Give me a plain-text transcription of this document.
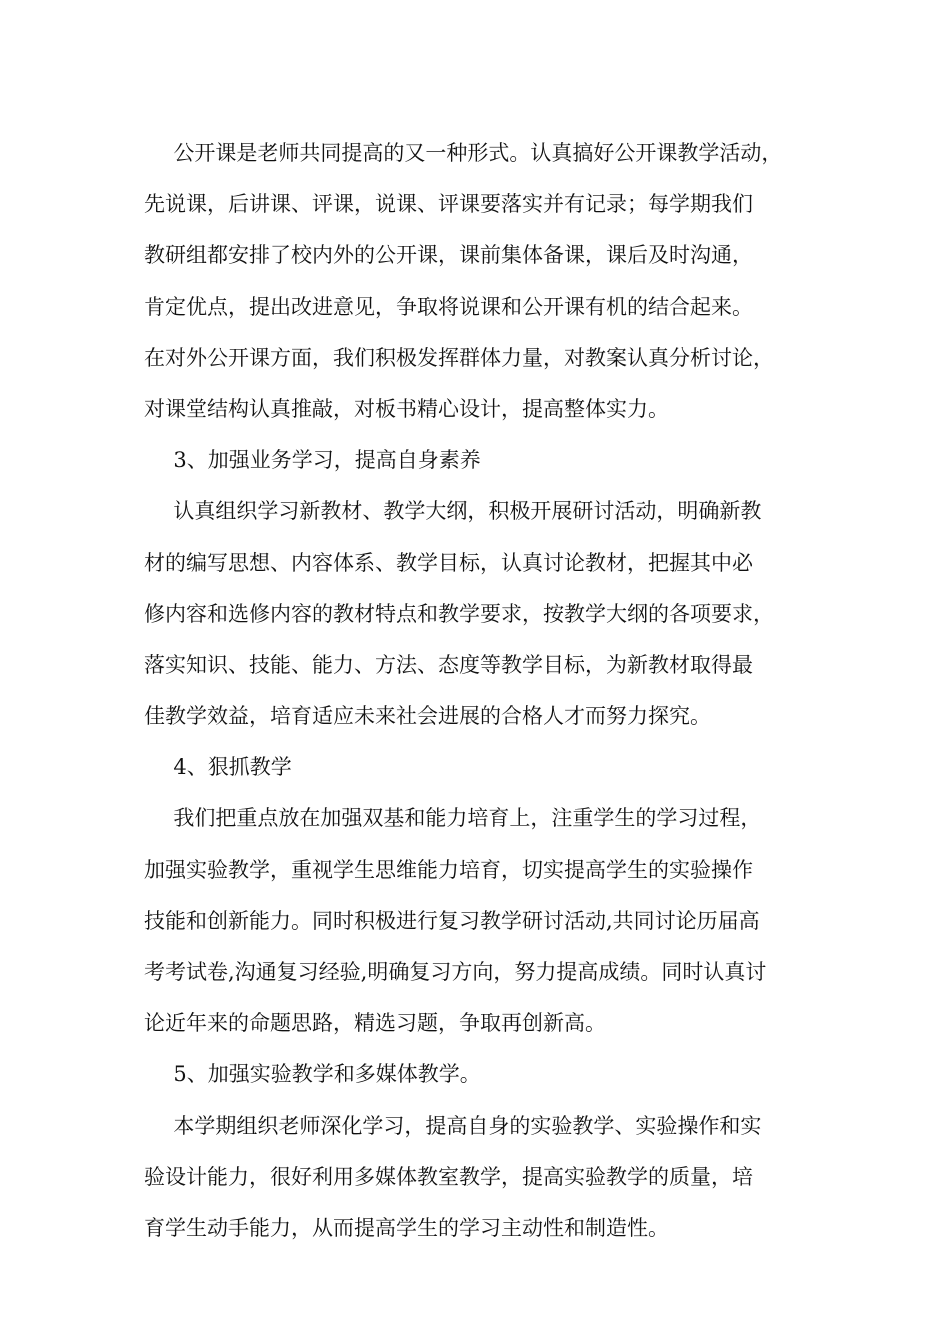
公开课是老师共同提高的又一种形式。认真搞好公开课教学活动，
先说课，后讲课、评课，说课、评课要落实并有记录；每学期我们
教研组都安排了校内外的公开课，课前集体备课，课后及时沟通，
肯定优点，提出改进意见，争取将说课和公开课有机的结合起来。
在对外公开课方面，我们积极发挥群体力量，对教案认真分析讨论，
对课堂结构认真推敲，对板书精心设计，提高整体实力。
3、加强业务学习，提高自身素养
认真组织学习新教材、教学大纲，积极开展研讨活动，明确新教
材的编写思想、内容体系、教学目标，认真讨论教材，把握其中必
修内容和选修内容的教材特点和教学要求，按教学大纲的各项要求，
落实知识、技能、能力、方法、态度等教学目标，为新教材取得最
佳教学效益，培育适应未来社会进展的合格人才而努力探究。
4、狠抓教学
我们把重点放在加强双基和能力培育上，注重学生的学习过程，
加强实验教学，重视学生思维能力培育，切实提高学生的实验操作
技能和创新能力。同时积极进行复习教学研讨活动,共同讨论历届高
考考试卷,沟通复习经验,明确复习方向，努力提高成绩。同时认真讨
论近年来的命题思路，精选习题，争取再创新高。
5、加强实验教学和多媒体教学。
本学期组织老师深化学习，提高自身的实验教学、实验操作和实
验设计能力，很好利用多媒体教室教学，提高实验教学的质量，培
育学生动手能力，从而提高学生的学习主动性和制造性。
